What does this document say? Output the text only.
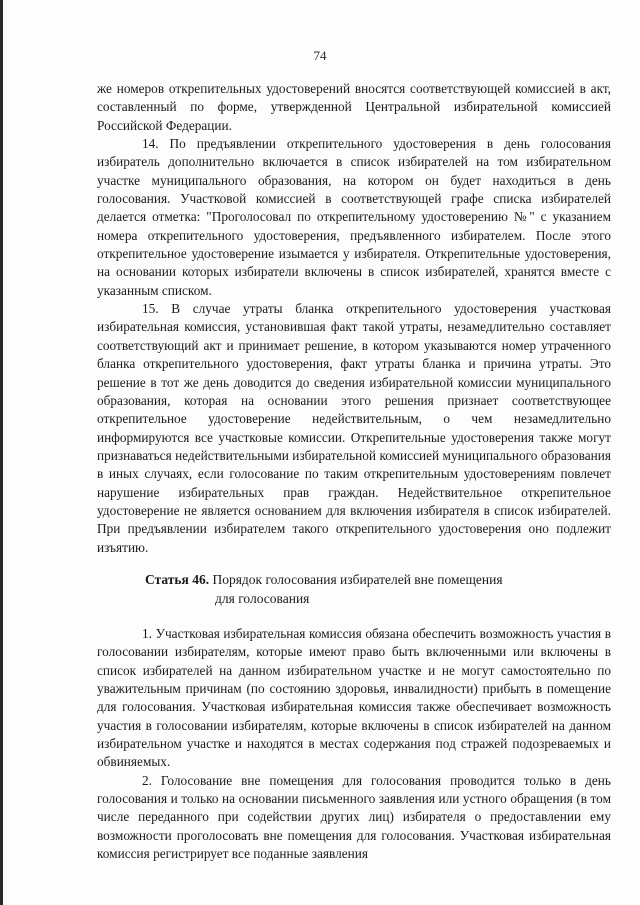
74

же номеров открепительных удостоверений вносятся соответствующей комиссией в акт, составленный по форме, утвержденной Центральной избирательной комиссией Российской Федерации.

14. По предъявлении открепительного удостоверения в день голосования избиратель дополнительно включается в список избирателей на том избирательном участке муниципального образования, на котором он будет находиться в день голосования. Участковой комиссией в соответствующей графе списка избирателей делается отметка: "Проголосовал по открепительному удостоверению №" с указанием номера открепительного удостоверения, предъявленного избирателем. После этого открепительное удостоверение изымается у избирателя. Открепительные удостоверения, на основании которых избиратели включены в список избирателей, хранятся вместе с указанным списком.

15. В случае утраты бланка открепительного удостоверения участковая избирательная комиссия, установившая факт такой утраты, незамедлительно составляет соответствующий акт и принимает решение, в котором указываются номер утраченного бланка открепительного удостоверения, факт утраты бланка и причина утраты. Это решение в тот же день доводится до сведения избирательной комиссии муниципального образования, которая на основании этого решения признает соответствующее открепительное удостоверение недействительным, о чем незамедлительно информируются все участковые комиссии. Открепительные удостоверения также могут признаваться недействительными избирательной комиссией муниципального образования в иных случаях, если голосование по таким открепительным удостоверениям повлечет нарушение избирательных прав граждан. Недействительное открепительное удостоверение не является основанием для включения избирателя в список избирателей. При предъявлении избирателем такого открепительного удостоверения оно подлежит изъятию.

Статья 46. Порядок голосования избирателей вне помещения
для голосования

1. Участковая избирательная комиссия обязана обеспечить возможность участия в голосовании избирателям, которые имеют право быть включенными или включены в список избирателей на данном избирательном участке и не могут самостоятельно по уважительным причинам (по состоянию здоровья, инвалидности) прибыть в помещение для голосования. Участковая избирательная комиссия также обеспечивает возможность участия в голосовании избирателям, которые включены в список избирателей на данном избирательном участке и находятся в местах содержания под стражей подозреваемых и обвиняемых.

2. Голосование вне помещения для голосования проводится только в день голосования и только на основании письменного заявления или устного обращения (в том числе переданного при содействии других лиц) избирателя о предоставлении ему возможности проголосовать вне помещения для голосования. Участковая избирательная комиссия регистрирует все поданные заявления
